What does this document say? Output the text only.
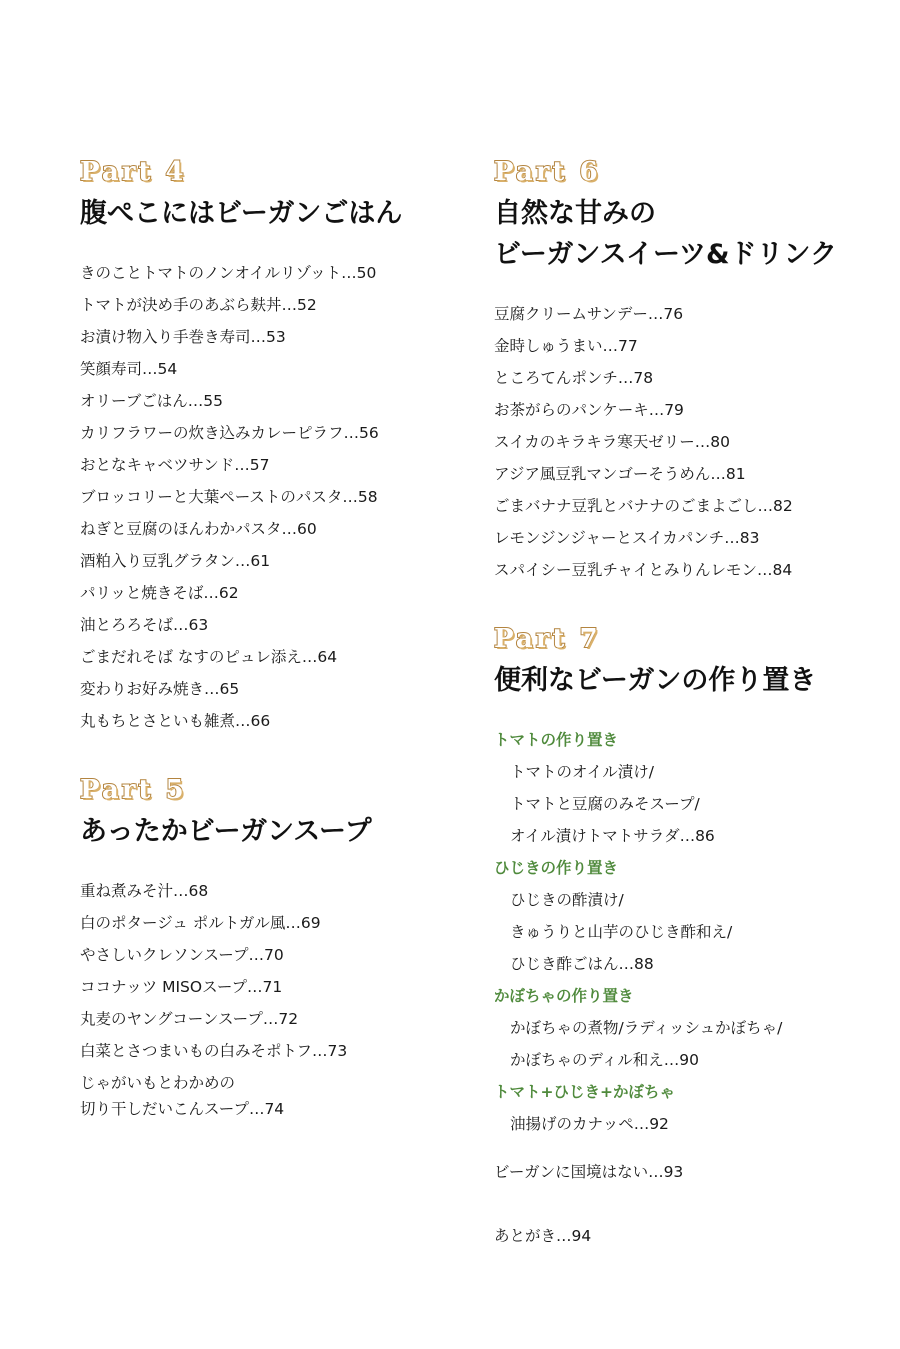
Part 4
腹ぺこにはビーガンごはん
きのことトマトのノンオイルリゾット…50
トマトが決め手のあぶら麸丼…52
お漬け物入り手巻き寿司…53
笑顔寿司…54
オリーブごはん…55
カリフラワーの炊き込みカレーピラフ…56
おとなキャベツサンド…57
ブロッコリーと大葉ペーストのパスタ…58
ねぎと豆腐のほんわかパスタ…60
酒粕入り豆乳グラタン…61
パリッと焼きそば…62
油とろろそば…63
ごまだれそば なすのピュレ添え…64
変わりお好み焼き…65
丸もちとさといも雑煮…66
Part 5
あったかビーガンスープ
重ね煮みそ汁…68
白のポタージュ ポルトガル風…69
やさしいクレソンスープ…70
ココナッツ MISOスープ…71
丸麦のヤングコーンスープ…72
白菜とさつまいもの白みそポトフ…73
じゃがいもとわかめの
切り干しだいこんスープ…74
Part 6
自然な甘みの
ビーガンスイーツ&ドリンク
豆腐クリームサンデー…76
金時しゅうまい…77
ところてんポンチ…78
お茶がらのパンケーキ…79
スイカのキラキラ寒天ゼリー…80
アジア風豆乳マンゴーそうめん…81
ごまバナナ豆乳とバナナのごまよごし…82
レモンジンジャーとスイカパンチ…83
スパイシー豆乳チャイとみりんレモン…84
Part 7
便利なビーガンの作り置き
トマトの作り置き
トマトのオイル漬け/
トマトと豆腐のみそスープ/
オイル漬けトマトサラダ…86
ひじきの作り置き
ひじきの酢漬け/
きゅうりと山芋のひじき酢和え/
ひじき酢ごはん…88
かぼちゃの作り置き
かぼちゃの煮物/ラディッシュかぼちゃ/
かぼちゃのディル和え…90
トマト+ひじき+かぼちゃ
油揚げのカナッペ…92
ビーガンに国境はない…93
あとがき…94
